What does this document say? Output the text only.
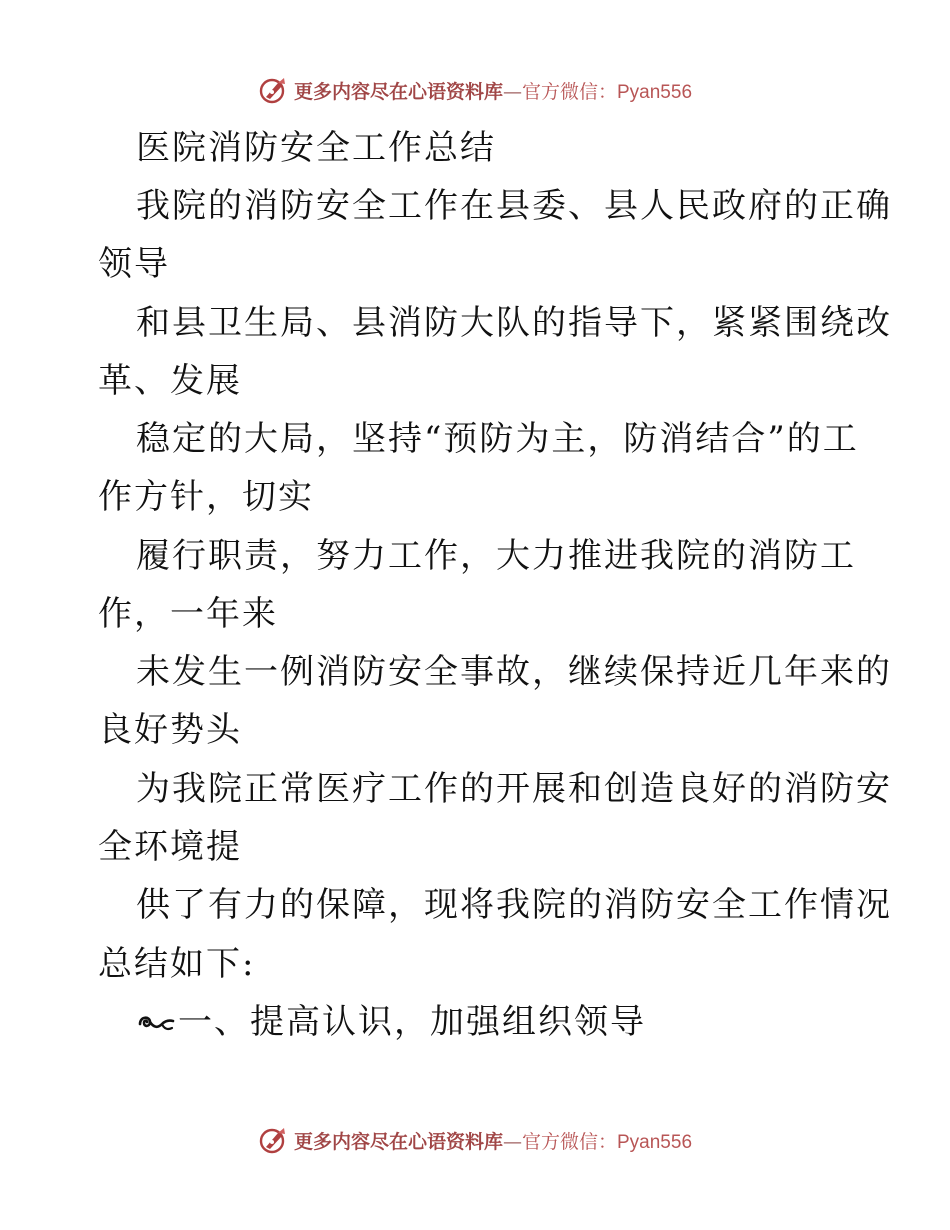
更多内容尽在心语资料库—官方微信：Pyan556
医院消防安全工作总结
我院的消防安全工作在县委、县人民政府的正确
领导
和县卫生局、县消防大队的指导下，紧紧围绕改
革、发展
稳定的大局，坚持“预防为主，防消结合”的工
作方针，切实
履行职责，努力工作，大力推进我院的消防工
作，一年来
未发生一例消防安全事故，继续保持近几年来的
良好势头
为我院正常医疗工作的开展和创造良好的消防安
全环境提
供了有力的保障，现将我院的消防安全工作情况
总结如下:
一、提高认识，加强组织领导
更多内容尽在心语资料库—官方微信：Pyan556
